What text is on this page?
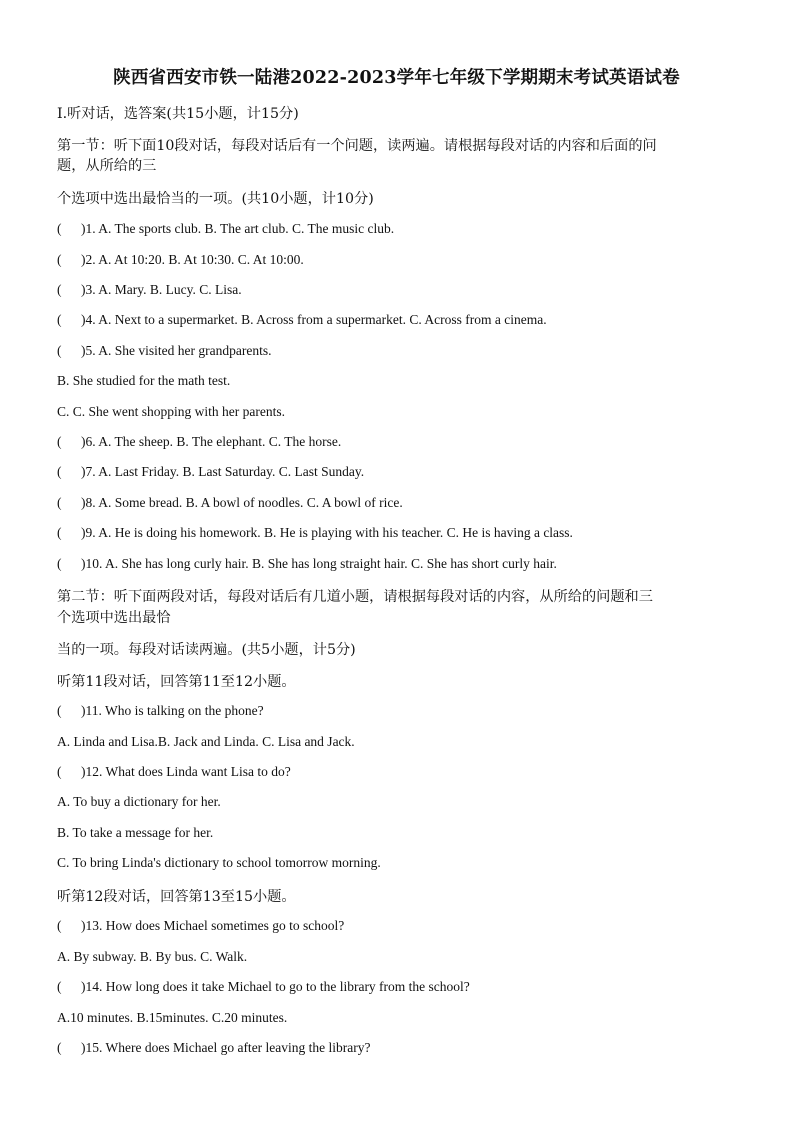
陕西省西安市铁一陆港2022-2023学年七年级下学期期末考试英语试卷
I.听对话，选答案(共15小题，计15分)
第一节：听下面10段对话，每段对话后有一个问题，读两遍。请根据每段对话的内容和后面的问
题，从所给的三
个选项中选出最恰当的一项。(共10小题，计10分)
( )1. A. The sports club. B. The art club. C. The music club.
( )2. A. At 10:20. B. At 10:30. C. At 10:00.
( )3. A. Mary. B. Lucy. C. Lisa.
( )4. A. Next to a supermarket. B. Across from a supermarket. C. Across from a cinema.
( )5. A. She visited her grandparents.
B. She studied for the math test.
C. C. She went shopping with her parents.
( )6. A. The sheep. B. The elephant. C. The horse.
( )7. A. Last Friday. B. Last Saturday. C. Last Sunday.
( )8. A. Some bread. B. A bowl of noodles. C. A bowl of rice.
( )9. A. He is doing his homework. B. He is playing with his teacher. C. He is having a class.
( )10. A. She has long curly hair. B. She has long straight hair. C. She has short curly hair.
第二节：听下面两段对话，每段对话后有几道小题，请根据每段对话的内容，从所给的问题和三
个选项中选出最恰
当的一项。每段对话读两遍。(共5小题，计5分)
听第11段对话，回答第11至12小题。
( )11. Who is talking on the phone?
A. Linda and Lisa.B. Jack and Linda. C. Lisa and Jack.
( )12. What does Linda want Lisa to do?
A. To buy a dictionary for her.
B. To take a message for her.
C. To bring Linda's dictionary to school tomorrow morning.
听第12段对话，回答第13至15小题。
( )13. How does Michael sometimes go to school?
A. By subway. B. By bus. C. Walk.
( )14. How long does it take Michael to go to the library from the school?
A.10 minutes. B.15minutes. C.20 minutes.
( )15. Where does Michael go after leaving the library?
